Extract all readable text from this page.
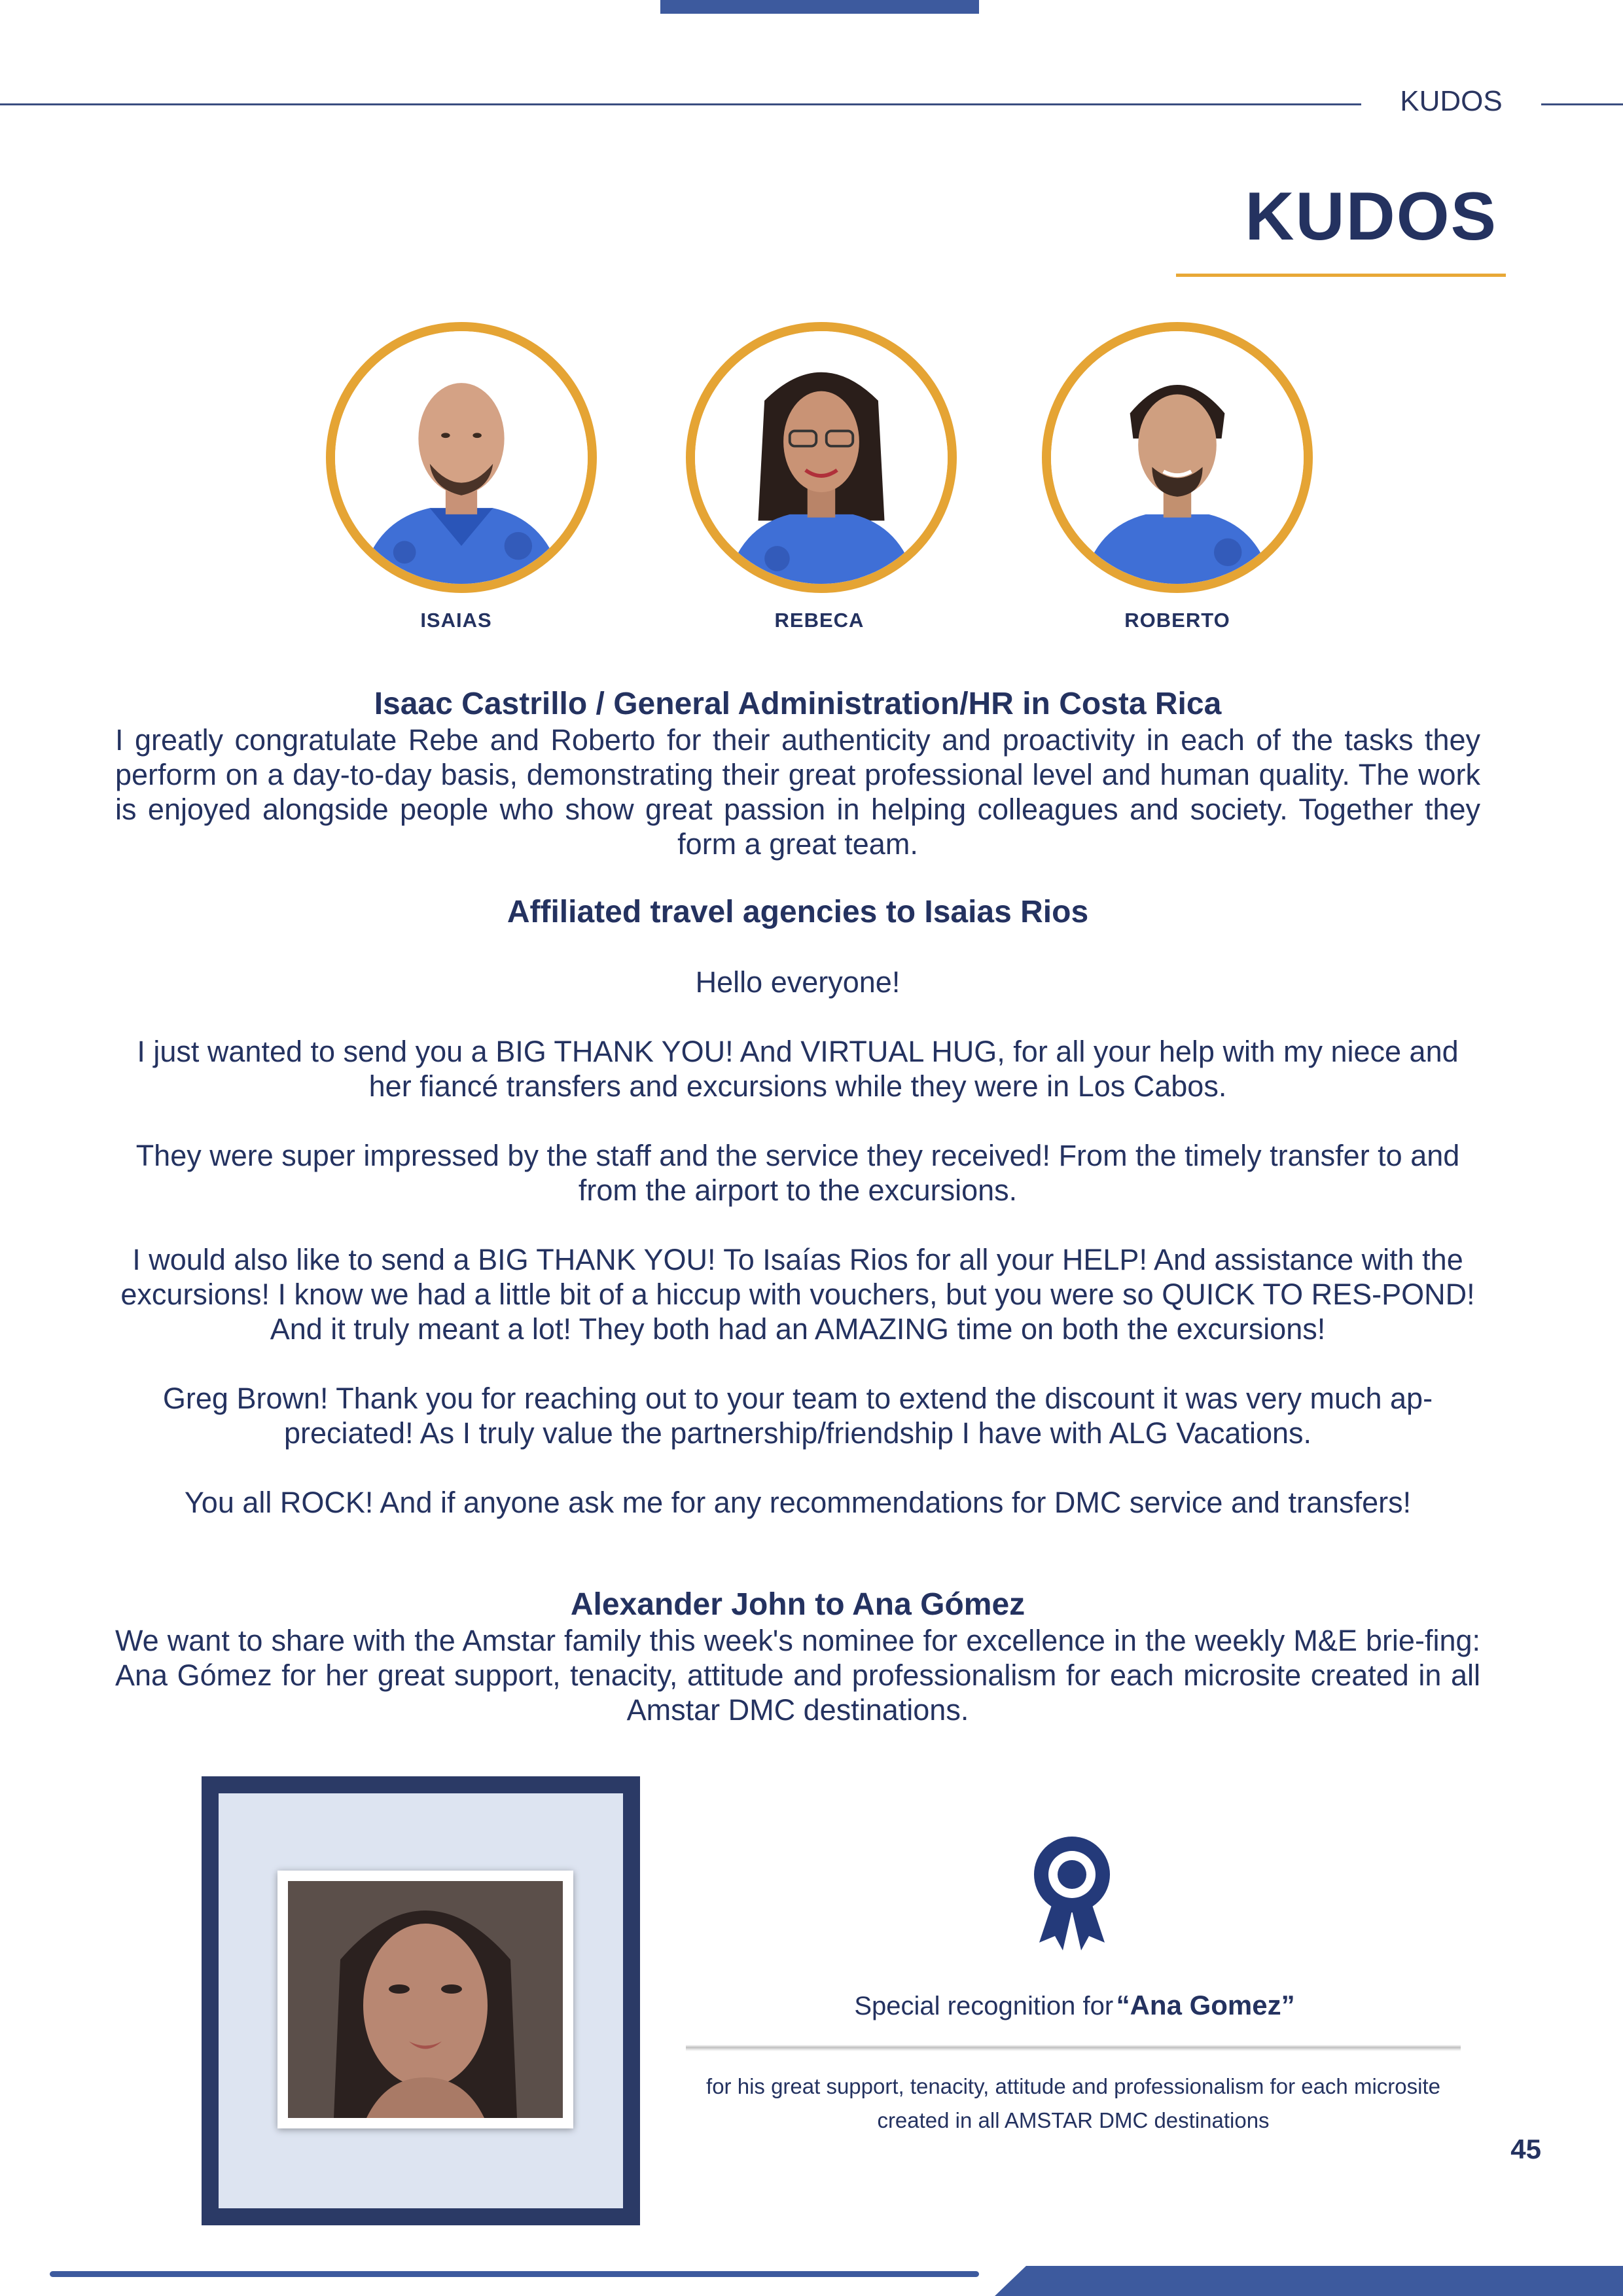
KUDOS
KUDOS
ISAIAS	REBECA	ROBERTO
Isaac Castrillo / General Administration/HR in Costa Rica
I greatly congratulate Rebe and Roberto for their authenticity and proactivity in each of the tasks they perform on a day-to-day basis, demonstrating their great professional level and human quality. The work is enjoyed alongside people who show great passion in helping colleagues and society. Together they form a great team.
Affiliated travel agencies to Isaias Rios
Hello everyone!
I just wanted to send you a BIG THANK YOU! And VIRTUAL HUG, for all your help with my niece and her fiancé transfers and excursions while they were in Los Cabos.
They were super impressed by the staff and the service they received! From the timely transfer to and from the airport to the excursions.
I would also like to send a BIG THANK YOU! To Isaías Rios for all your HELP! And assistance with the excursions! I know we had a little bit of a hiccup with vouchers, but you were so QUICK TO RES-POND! And it truly meant a lot! They both had an AMAZING time on both the excursions!
Greg Brown! Thank you for reaching out to your team to extend the discount it was very much ap-preciated! As I truly value the partnership/friendship I have with ALG Vacations.
You all ROCK! And if anyone ask me for any recommendations for DMC service and transfers!
Alexander John to Ana Gómez
We want to share with the Amstar family this week's nominee for excellence in the weekly M&E brie-fing: Ana Gómez for her great support, tenacity, attitude and professionalism for each microsite created in all Amstar DMC destinations.
Special recognition for “Ana Gomez”
for his great support, tenacity, attitude and professionalism for each microsite created in all AMSTAR DMC destinations
45
